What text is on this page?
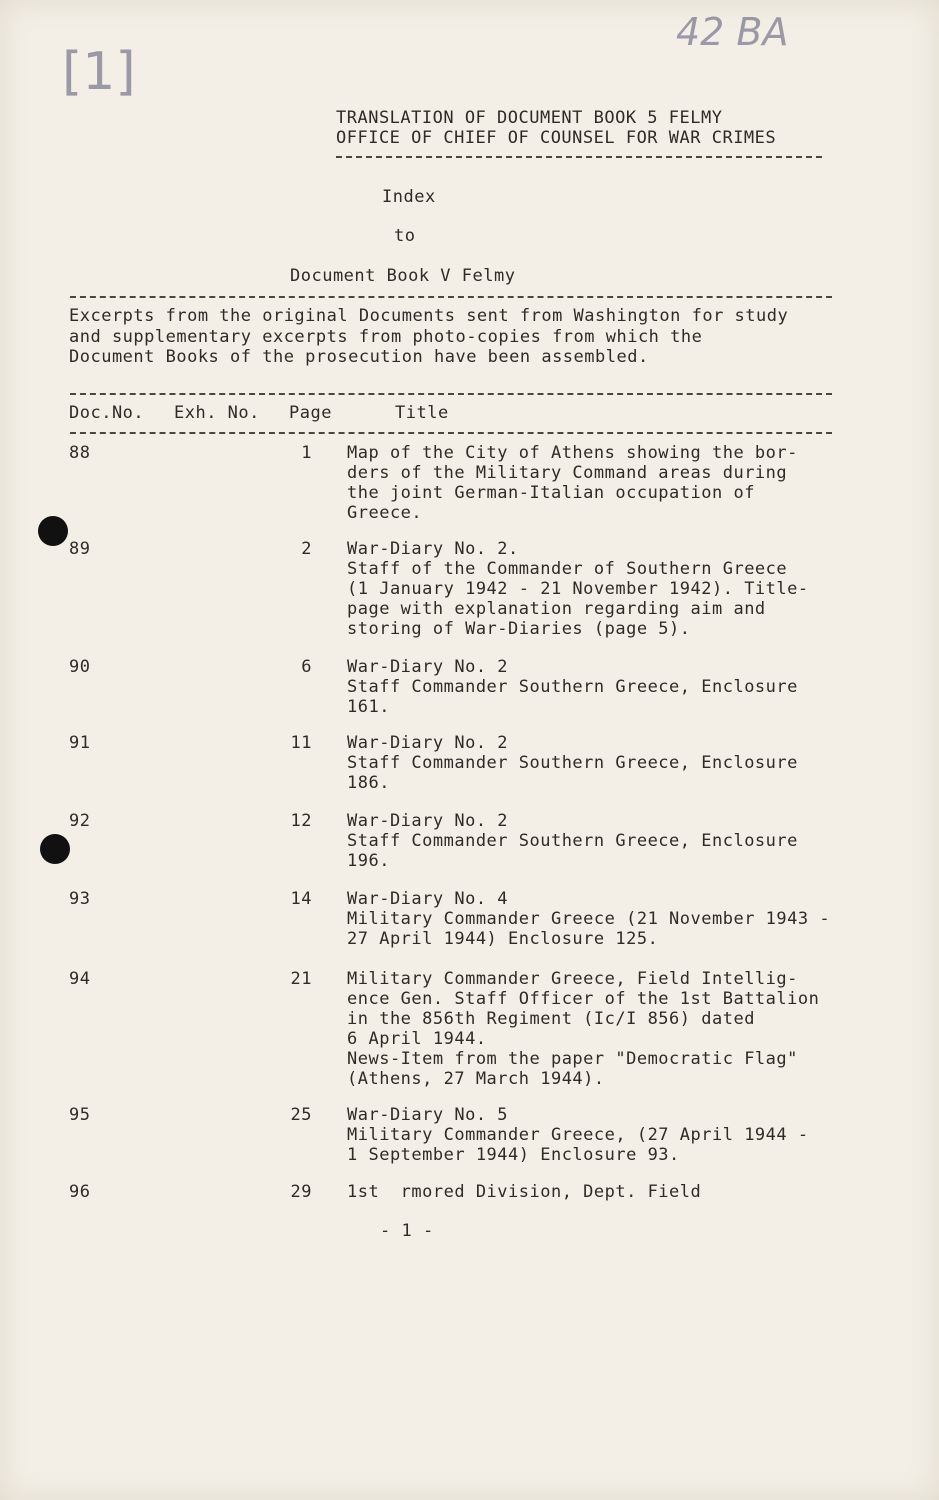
42 BA
[1]
TRANSLATION OF DOCUMENT BOOK 5 FELMY
OFFICE OF CHIEF OF COUNSEL FOR WAR CRIMES
Index
to
Document Book V Felmy
Excerpts from the original Documents sent from Washington for study
and supplementary excerpts from photo-copies from which the
Document Books of the prosecution have been assembled.
Doc.No. Exh. No. Page	Title
88	1 Map of the City of Athens showing the bor-
ders of the Military Command areas during
the joint German-Italian occupation of
Greece.
89	2 War-Diary No. 2.
Staff of the Commander of Southern Greece
(1 January 1942 - 21 November 1942). Title-
page with explanation regarding aim and
storing of War-Diaries (page 5).
90	6 War-Diary No. 2
Staff Commander Southern Greece, Enclosure
161.
91	11 War-Diary No. 2
Staff Commander Southern Greece, Enclosure
186.
92	12 War-Diary No. 2
Staff Commander Southern Greece, Enclosure
196.
93	14 War-Diary No. 4
Military Commander Greece (21 November 1943 -
27 April 1944) Enclosure 125.
94	21 Military Commander Greece, Field Intellig-
ence Gen. Staff Officer of the 1st Battalion
in the 856th Regiment (Ic/I 856) dated
6 April 1944.
News-Item from the paper "Democratic Flag"
(Athens, 27 March 1944).
95	25 War-Diary No. 5
Military Commander Greece, (27 April 1944 -
1 September 1944) Enclosure 93.
96	29 1st  rmored Division, Dept. Field
- 1 -
